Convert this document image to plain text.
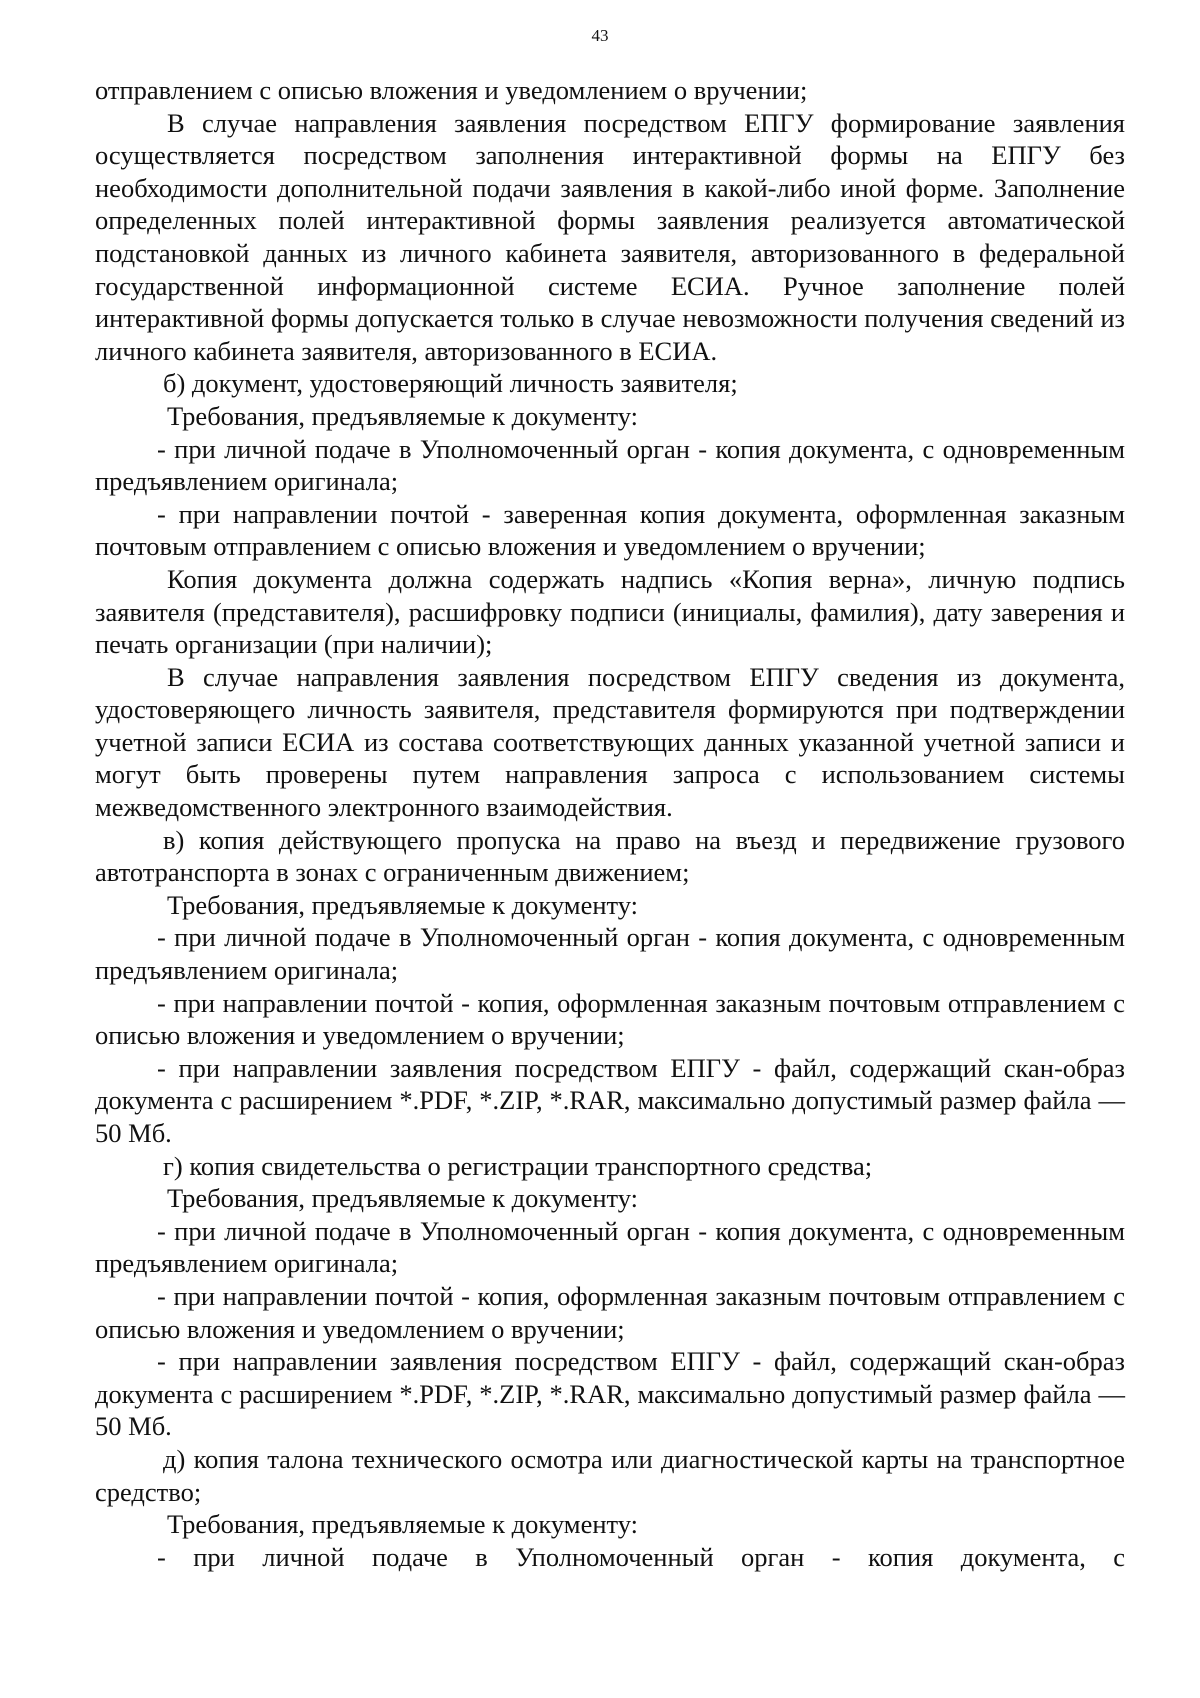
43

отправлением с описью вложения и уведомлением о вручении;

В случае направления заявления посредством ЕПГУ формирование заявления осуществляется посредством заполнения интерактивной формы на ЕПГУ без необходимости дополнительной подачи заявления в какой-либо иной форме. Заполнение определенных полей интерактивной формы заявления реализуется автоматической подстановкой данных из личного кабинета заявителя, авторизованного в федеральной государственной информационной системе ЕСИА. Ручное заполнение полей интерактивной формы допускается только в случае невозможности получения сведений из личного кабинета заявителя, авторизованного в ЕСИА.

б) документ, удостоверяющий личность заявителя;

Требования, предъявляемые к документу:

- при личной подаче в Уполномоченный орган - копия документа, с одновременным предъявлением оригинала;

- при направлении почтой - заверенная копия документа, оформленная заказным почтовым отправлением с описью вложения и уведомлением о вручении;

Копия документа должна содержать надпись «Копия верна», личную подпись заявителя (представителя), расшифровку подписи (инициалы, фамилия), дату заверения и печать организации (при наличии);

В случае направления заявления посредством ЕПГУ сведения из документа, удостоверяющего личность заявителя, представителя формируются при подтверждении учетной записи ЕСИА из состава соответствующих данных указанной учетной записи и могут быть проверены путем направления запроса с использованием системы межведомственного электронного взаимодействия.

в) копия действующего пропуска на право на въезд и передвижение грузового автотранспорта в зонах с ограниченным движением;

Требования, предъявляемые к документу:

- при личной подаче в Уполномоченный орган - копия документа, с одновременным предъявлением оригинала;

- при направлении почтой - копия, оформленная заказным почтовым отправлением с описью вложения и уведомлением о вручении;

- при направлении заявления посредством ЕПГУ - файл, содержащий скан-образ документа с расширением *.PDF, *.ZIP, *.RAR, максимально допустимый размер файла — 50 Мб.

г) копия свидетельства о регистрации транспортного средства;

Требования, предъявляемые к документу:

- при личной подаче в Уполномоченный орган - копия документа, с одновременным предъявлением оригинала;

- при направлении почтой - копия, оформленная заказным почтовым отправлением с описью вложения и уведомлением о вручении;

- при направлении заявления посредством ЕПГУ - файл, содержащий скан-образ документа с расширением *.PDF, *.ZIP, *.RAR, максимально допустимый размер файла — 50 Мб.

д) копия талона технического осмотра или диагностической карты на транспортное средство;

Требования, предъявляемые к документу:

- при личной подаче в Уполномоченный орган - копия документа, с
